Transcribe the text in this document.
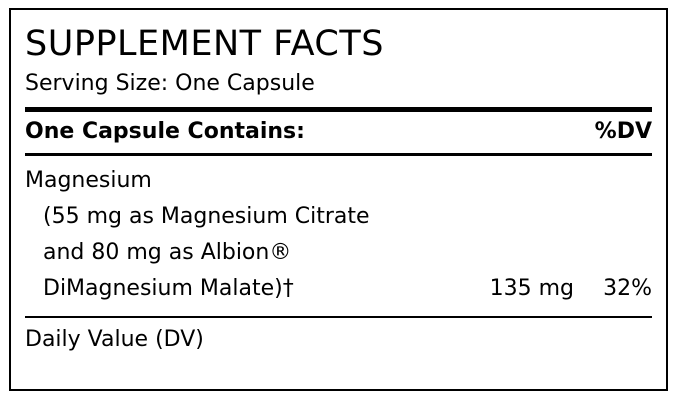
SUPPLEMENT FACTS
Serving Size: One Capsule
One Capsule Contains:	%DV
Magnesium
(55 mg as Magnesium Citrate
and 80 mg as Albion®
DiMagnesium Malate)†	135 mg	32%
Daily Value (DV)
